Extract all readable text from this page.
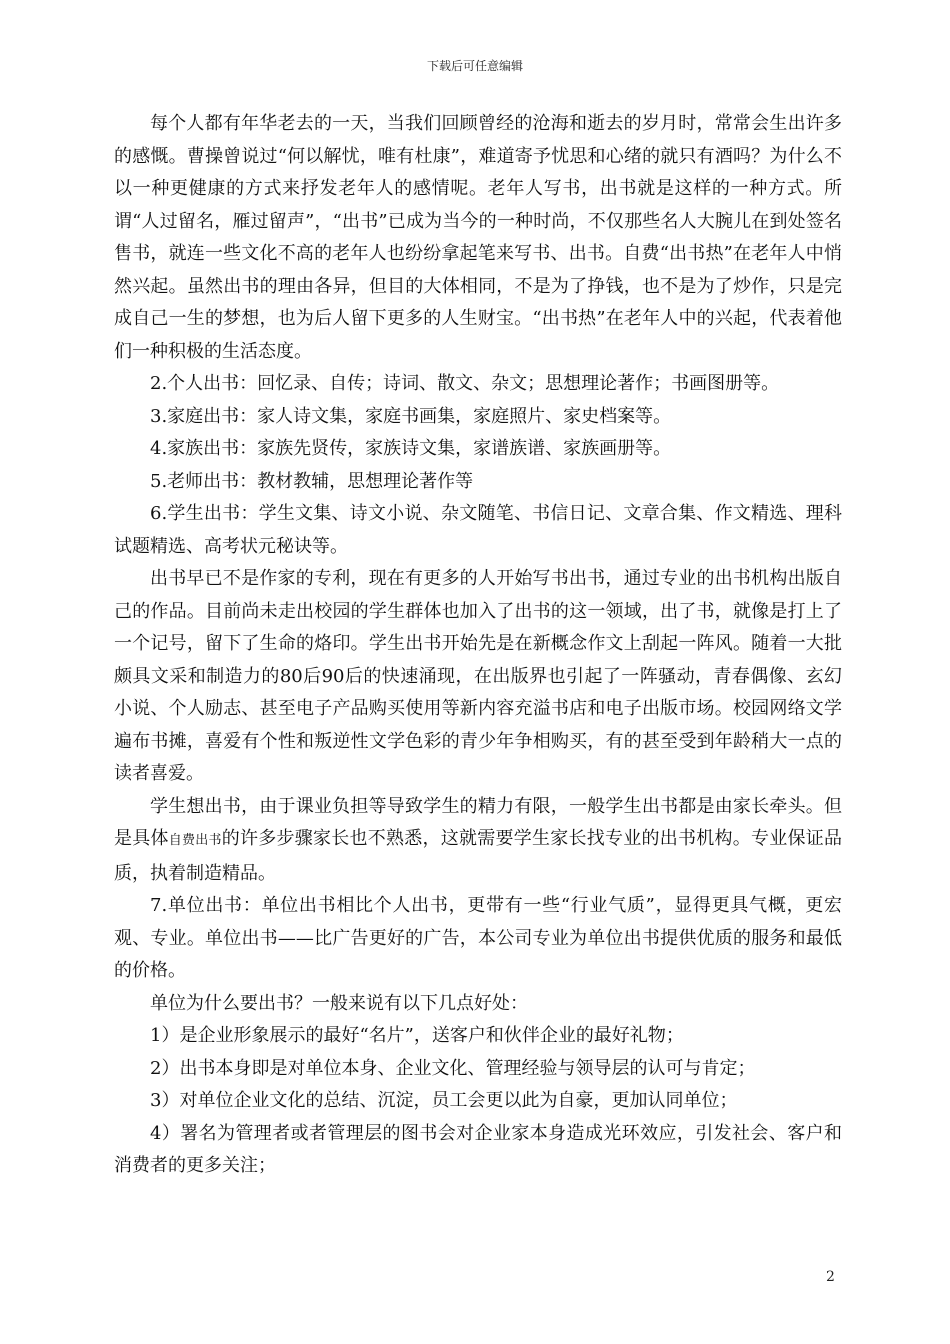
下载后可任意编辑

每个人都有年华老去的一天，当我们回顾曾经的沧海和逝去的岁月时，常常会生出许多的感慨。曹操曾说过“何以解忧，唯有杜康”，难道寄予忧思和心绪的就只有酒吗？为什么不以一种更健康的方式来抒发老年人的感情呢。老年人写书，出书就是这样的一种方式。所谓“人过留名，雁过留声”，“出书”已成为当今的一种时尚，不仅那些名人大腕儿在到处签名售书，就连一些文化不高的老年人也纷纷拿起笔来写书、出书。自费“出书热”在老年人中悄然兴起。虽然出书的理由各异，但目的大体相同，不是为了挣钱，也不是为了炒作，只是完成自己一生的梦想，也为后人留下更多的人生财宝。“出书热”在老年人中的兴起，代表着他们一种积极的生活态度。

2.个人出书：回忆录、自传；诗词、散文、杂文；思想理论著作；书画图册等。

3.家庭出书：家人诗文集，家庭书画集，家庭照片、家史档案等。

4.家族出书：家族先贤传，家族诗文集，家谱族谱、家族画册等。

5.老师出书：教材教辅，思想理论著作等

6.学生出书：学生文集、诗文小说、杂文随笔、书信日记、文章合集、作文精选、理科试题精选、高考状元秘诀等。

出书早已不是作家的专利，现在有更多的人开始写书出书，通过专业的出书机构出版自己的作品。目前尚未走出校园的学生群体也加入了出书的这一领域，出了书，就像是打上了一个记号，留下了生命的烙印。学生出书开始先是在新概念作文上刮起一阵风。随着一大批颇具文采和制造力的80后90后的快速涌现，在出版界也引起了一阵骚动，青春偶像、玄幻小说、个人励志、甚至电子产品购买使用等新内容充溢书店和电子出版市场。校园网络文学遍布书摊，喜爱有个性和叛逆性文学色彩的青少年争相购买，有的甚至受到年龄稍大一点的读者喜爱。

学生想出书，由于课业负担等导致学生的精力有限，一般学生出书都是由家长牵头。但是具体自费出书的许多步骤家长也不熟悉，这就需要学生家长找专业的出书机构。专业保证品质，执着制造精品。

7.单位出书：单位出书相比个人出书，更带有一些“行业气质”，显得更具气概，更宏观、专业。单位出书——比广告更好的广告，本公司专业为单位出书提供优质的服务和最低的价格。

单位为什么要出书？一般来说有以下几点好处：

1）是企业形象展示的最好“名片”，送客户和伙伴企业的最好礼物；

2）出书本身即是对单位本身、企业文化、管理经验与领导层的认可与肯定；

3）对单位企业文化的总结、沉淀，员工会更以此为自豪，更加认同单位；

4）署名为管理者或者管理层的图书会对企业家本身造成光环效应，引发社会、客户和消费者的更多关注；

2
